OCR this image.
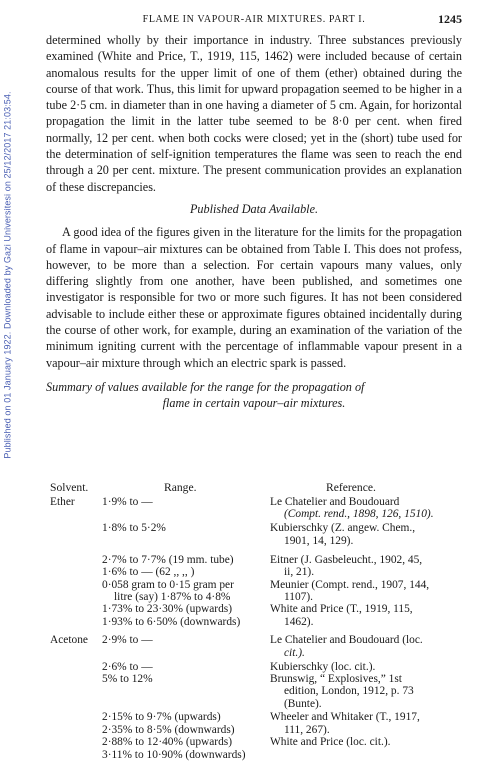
Published on 01 January 1922. Downloaded by Gazi Universitesi on 25/12/2017 21:03:54.
FLAME IN VAPOUR-AIR MIXTURES. PART I.	1245

determined wholly by their importance in industry. Three substances previously examined (White and Price, T., 1919, 115, 1462) were included because of certain anomalous results for the upper limit of one of them (ether) obtained during the course of that work. Thus, this limit for upward propagation seemed to be higher in a tube 2·5 cm. in diameter than in one having a diameter of 5 cm. Again, for horizontal propagation the limit in the latter tube seemed to be 8·0 per cent. when fired normally, 12 per cent. when both cocks were closed; yet in the (short) tube used for the determination of self-ignition temperatures the flame was seen to reach the end through a 20 per cent. mixture. The present communication provides an explanation of these discrepancies.

Published Data Available.

A good idea of the figures given in the literature for the limits for the propagation of flame in vapour–air mixtures can be obtained from Table I. This does not profess, however, to be more than a selection. For certain vapours many values, only differing slightly from one another, have been published, and sometimes one investigator is responsible for two or more such figures. It has not been considered advisable to include either these or approximate figures obtained incidentally during the course of other work, for example, during an examination of the variation of the minimum igniting current with the percentage of inflammable vapour present in a vapour–air mixture through which an electric spark is passed.

Summary of values available for the range for the propagation of
flame in certain vapour–air mixtures.
Solvent.	Range.	Reference.
Ether 1·9% to —	Le Chatelier and Boudouard
(Compt. rend., 1898, 126, 1510).
1·8% to 5·2%	Kubierschky (Z. angew. Chem.,
1901, 14, 129).
2·7% to 7·7% (19 mm. tube)	Eitner (J. Gasbeleucht., 1902, 45,
1·6% to — (62 ,, ,, )	ii, 21).
0·058 gram to 0·15 gram per	Meunier (Compt. rend., 1907, 144,
litre (say) 1·87% to 4·8%	1107).
1·73% to 23·30% (upwards)	White and Price (T., 1919, 115,
1·93% to 6·50% (downwards)	1462).
Acetone 2·9% to —	Le Chatelier and Boudouard (loc.
cit.).
2·6% to —	Kubierschky (loc. cit.).
5% to 12%	Brunswig, “ Explosives,” 1st
edition, London, 1912, p. 73
(Bunte).
2·15% to 9·7% (upwards)	Wheeler and Whitaker (T., 1917,
2·35% to 8·5% (downwards)	111, 267).
2·88% to 12·40% (upwards)	White and Price (loc. cit.).
3·11% to 10·90% (downwards)
